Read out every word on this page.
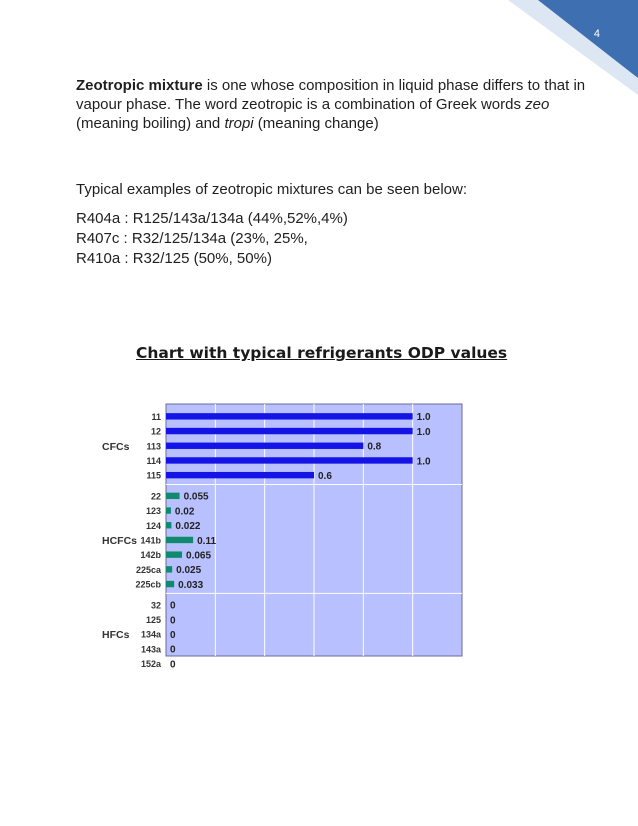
4

Zeotropic mixture is one whose composition in liquid phase differs to that in vapour phase. The word zeotropic is a combination of Greek words zeo (meaning boiling) and tropi (meaning change)

Typical examples of zeotropic mixtures can be seen below:

R404a : R125/143a/134a (44%,52%,4%)
R407c : R32/125/134a (23%, 25%,
R410a : R32/125 (50%, 50%)
Chart with typical refrigerants ODP values
11	1.0
12	1.0
113	0.8
114	1.0
115	0.6
CFCs
22 0.055
123 0.02
124 0.022
141b	0.11
142b	0.065
225ca 0.025
225cb 0.033
HCFCs
32 0
125 0
134a 0
143a 0
152a 0
HFCs
